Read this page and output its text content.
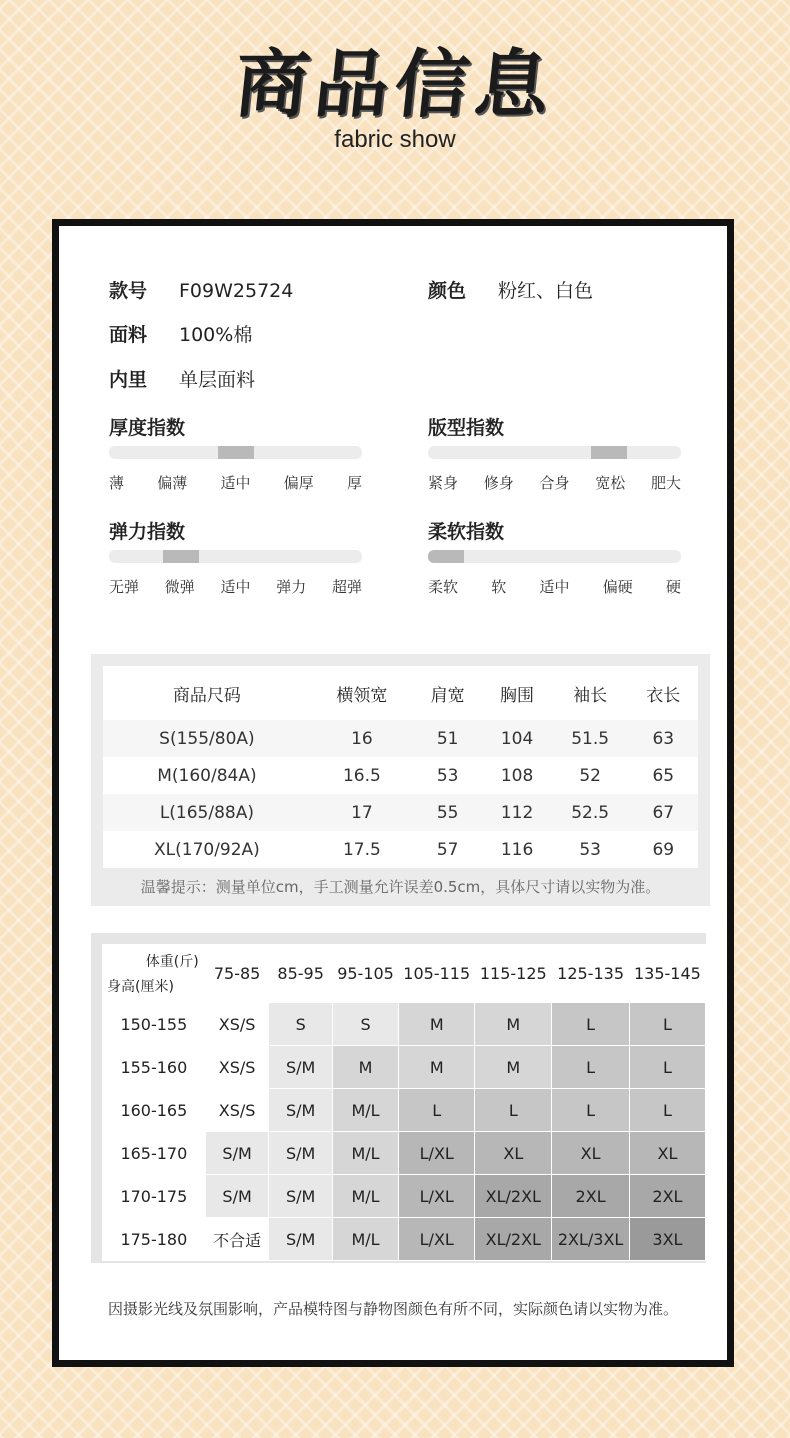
商品信息
fabric show
款号 F09W25724	颜色 粉红、白色
面料 100%棉
内里 单层面料
厚度指数
薄 偏薄 适中 偏厚 厚
版型指数
紧身 修身 合身 宽松 肥大
弹力指数
无弹 微弹 适中 弹力 超弹
柔软指数
柔软 软 适中 偏硬 硬
商品尺码	横领宽	肩宽	胸围	袖长	衣长
S(155/80A)	16	51	104	51.5	63
M(160/84A)	16.5	53	108	52	65
L(165/88A)	17	55	112	52.5	67
XL(170/92A)	17.5	57	116	53	69
温馨提示：测量单位cm，手工测量允许误差0.5cm，具体尺寸请以实物为准。
体重(斤)
身高(厘米)	75-85	85-95	95-105	105-115	115-125	125-135	135-145
150-155	XS/S	S	S	M	M	L	L
155-160	XS/S	S/M	M	M	M	L	L
160-165	XS/S	S/M	M/L	L	L	L	L
165-170	S/M	S/M	M/L	L/XL	XL	XL	XL
170-175	S/M	S/M	M/L	L/XL	XL/2XL	2XL	2XL
175-180	不合适	S/M	M/L	L/XL	XL/2XL	2XL/3XL	3XL
因摄影光线及氛围影响，产品模特图与静物图颜色有所不同，实际颜色请以实物为准。
